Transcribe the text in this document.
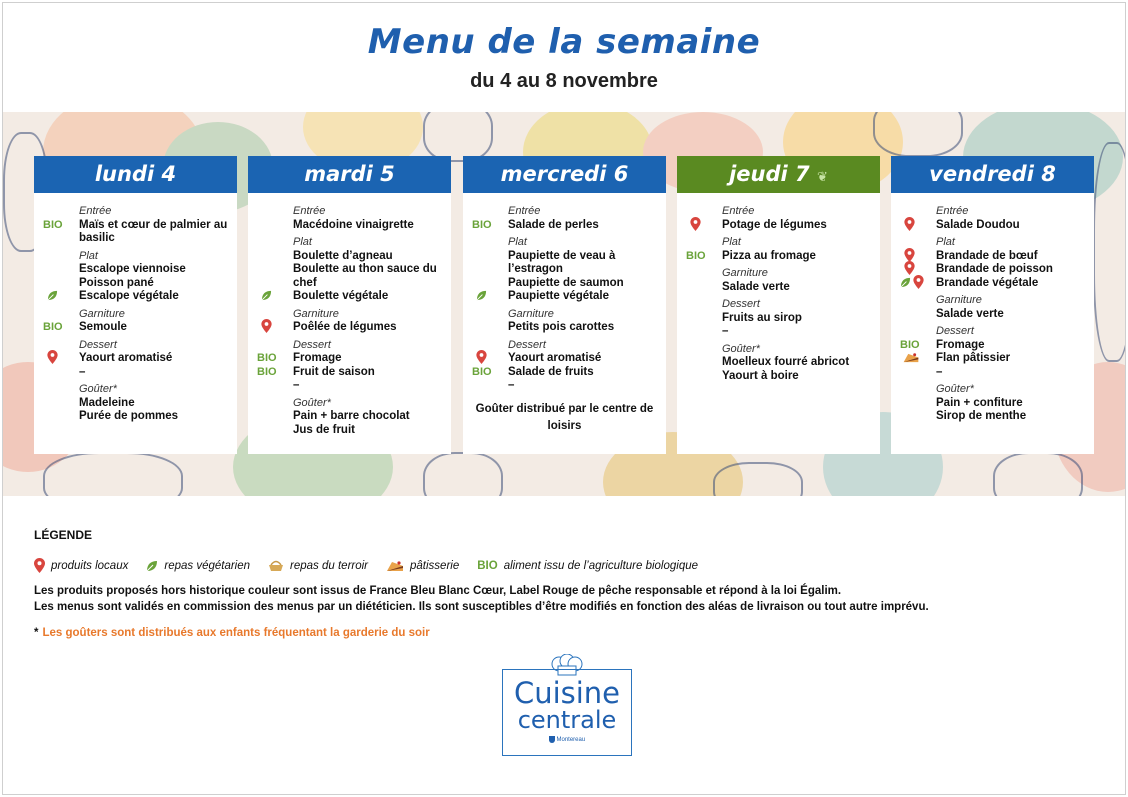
Menu de la semaine
du 4 au 8 novembre
lundi 4
Entrée
Maïs et cœur de palmier au basilic
BIO
Plat
Escalope viennoise
Poisson pané
Escalope végétale
Garniture
Semoule
BIO
Dessert
Yaourt aromatisé
–
Goûter*
Madeleine
Purée de pommes
mardi 5
Entrée
Macédoine vinaigrette
Plat
Boulette d’agneau
Boulette au thon sauce du chef
Boulette végétale
Garniture
Poêlée de légumes
Dessert
Fromage
BIO
Fruit de saison
BIO
–
Goûter*
Pain + barre chocolat
Jus de fruit
mercredi 6
Entrée
Salade de perles
BIO
Plat
Paupiette de veau à l’estragon
Paupiette de saumon
Paupiette végétale
Garniture
Petits pois carottes
Dessert
Yaourt aromatisé
Salade de fruits
BIO
–
Goûter distribué par le centre de loisirs
jeudi 7 ❦
Entrée
Potage de légumes
Plat
Pizza au fromage
BIO
Garniture
Salade verte
Dessert
Fruits au sirop
–
Goûter*
Moelleux fourré abricot
Yaourt à boire
vendredi 8
Entrée
Salade Doudou
Plat
Brandade de bœuf
Brandade de poisson
Brandade végétale
Garniture
Salade verte
Dessert
Fromage
BIO
Flan pâtissier
–
Goûter*
Pain + confiture
Sirop de menthe
LÉGENDE
produits locaux	repas végétarien	repas du terroir	pâtisserie BIO aliment issu de l’agriculture biologique
Les produits proposés hors historique couleur sont issus de France Bleu Blanc Cœur, Label Rouge de pêche responsable et répond à la loi Égalim.
Les menus sont validés en commission des menus par un diététicien. Ils sont susceptibles d’être modifiés en fonction des aléas de livraison ou tout autre imprévu.
* Les goûters sont distribués aux enfants fréquentant la garderie du soir
Cuisine
centrale
Montereau
